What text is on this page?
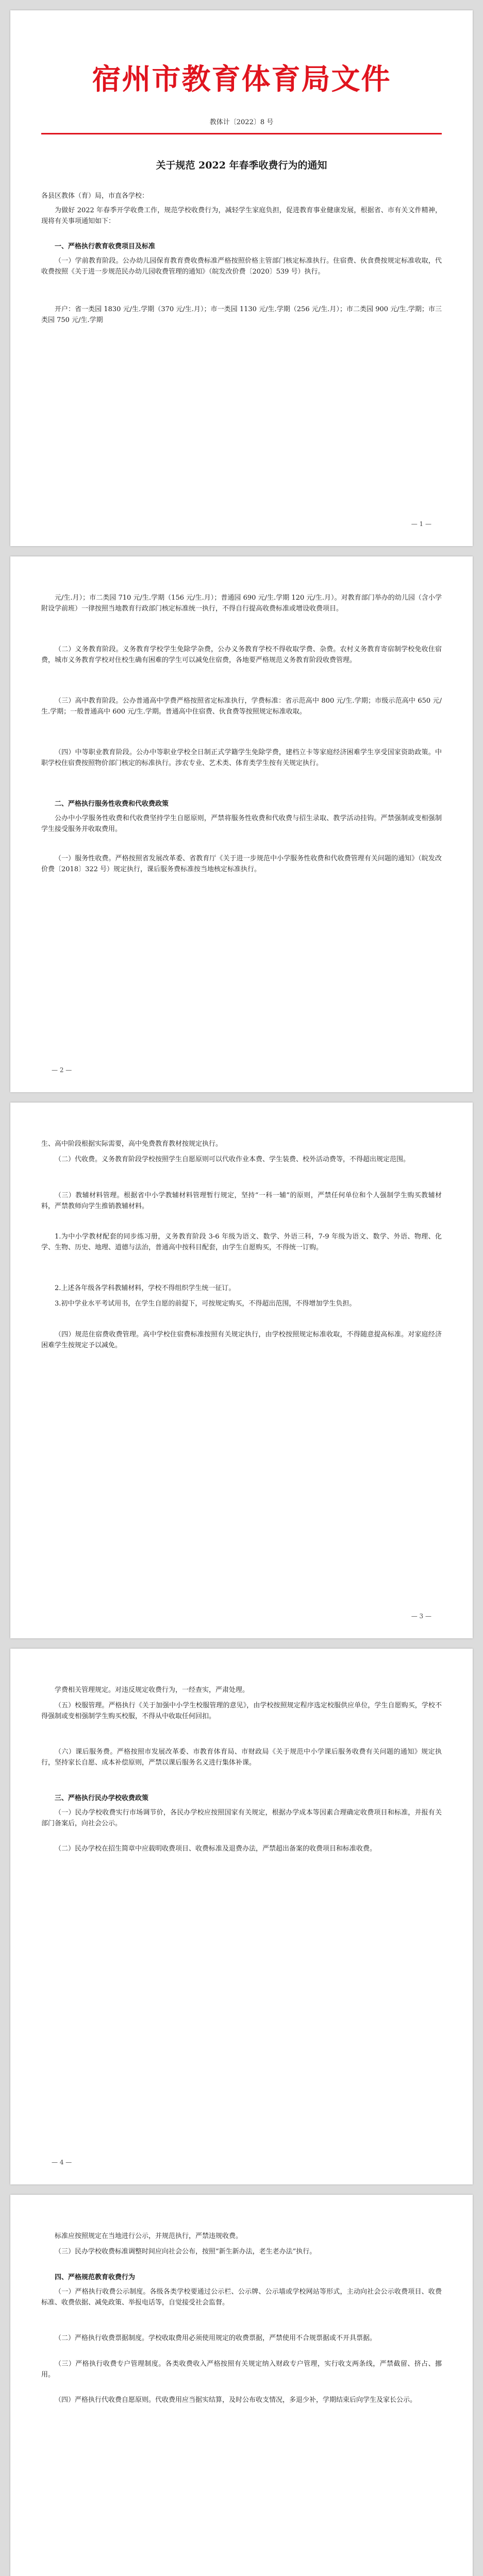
宿州市教育体育局文件
教体计〔2022〕8 号
关于规范 2022 年春季收费行为的通知

各县区教体（育）局，市直各学校：

为做好 2022 年春季开学收费工作，规范学校收费行为，减轻学生家庭负担，促进教育事业健康发展，根据省、市有关文件精神，现将有关事项通知如下：

一、严格执行教育收费项目及标准

（一）学前教育阶段。公办幼儿园保育教育费收费标准严格按照价格主管部门核定标准执行。住宿费、伙食费按规定标准收取，代收费按照《关于进一步规范民办幼儿园收费管理的通知》（皖发改价费〔2020〕539 号）执行。

开户：省一类园 1830 元/生.学期（370 元/生.月）；市一类园 1130 元/生.学期（256 元/生.月）；市二类园 900 元/生.学期；市三类园 750 元/生.学期

— 1 —

元/生.月）；市二类园 710 元/生.学期（156 元/生.月）；普通园 690 元/生.学期 120 元/生.月）。对教育部门举办的幼儿园（含小学附设学前班）一律按照当地教育行政部门核定标准统一执行，不得自行提高收费标准或增设收费项目。

（二）义务教育阶段。义务教育学校学生免除学杂费，公办义务教育学校不得收取学费、杂费。农村义务教育寄宿制学校免收住宿费，城市义务教育学校对住校生确有困难的学生可以减免住宿费，各地要严格规范义务教育阶段收费管理。

（三）高中教育阶段。公办普通高中学费严格按照省定标准执行，学费标准：省示范高中 800 元/生.学期；市级示范高中 650 元/生.学期；一般普通高中 600 元/生.学期。普通高中住宿费、伙食费等按照规定标准收取。

（四）中等职业教育阶段。公办中等职业学校全日制正式学籍学生免除学费，建档立卡等家庭经济困难学生享受国家资助政策。中职学校住宿费按照物价部门核定的标准执行。涉农专业、艺术类、体育类学生按有关规定执行。

二、严格执行服务性收费和代收费政策

公办中小学服务性收费和代收费坚持学生自愿原则，严禁将服务性收费和代收费与招生录取、教学活动挂钩。严禁强制或变相强制学生接受服务并收取费用。

（一）服务性收费。严格按照省发展改革委、省教育厅《关于进一步规范中小学服务性收费和代收费管理有关问题的通知》（皖发改价费〔2018〕322 号）规定执行，课后服务费标准按当地核定标准执行。

— 2 —

生、高中阶段根据实际需要，高中免费教育教材按规定执行。

（二）代收费。义务教育阶段学校按照学生自愿原则可以代收作业本费、学生装费、校外活动费等，不得超出规定范围。

（三）教辅材料管理。根据省中小学教辅材料管理暂行规定，坚持“一科一辅”的原则，严禁任何单位和个人强制学生购买教辅材料，严禁教师向学生推销教辅材料。

1.为中小学教材配套的同步练习册，义务教育阶段 3-6 年级为语文、数学、外语三科，7-9 年级为语文、数学、外语、物理、化学、生物、历史、地理、道德与法治，普通高中按科目配套，由学生自愿购买，不得统一订购。

2.上述各年级各学科教辅材料，学校不得组织学生统一征订。

3.初中学业水平考试用书，在学生自愿的前提下，可按规定购买，不得超出范围，不得增加学生负担。

（四）规范住宿费收费管理。高中学校住宿费标准按照有关规定执行，由学校按照规定标准收取，不得随意提高标准。对家庭经济困难学生按规定予以减免。

— 3 —

学费相关管理规定。对违反规定收费行为，一经查实，严肃处理。

（五）校服管理。严格执行《关于加强中小学生校服管理的意见》，由学校按照规定程序选定校服供应单位，学生自愿购买，学校不得强制或变相强制学生购买校服，不得从中收取任何回扣。

（六）课后服务费。严格按照市发展改革委、市教育体育局、市财政局《关于规范中小学课后服务收费有关问题的通知》规定执行，坚持家长自愿、成本补偿原则，严禁以课后服务名义进行集体补课。

三、严格执行民办学校收费政策

（一）民办学校收费实行市场调节价，各民办学校应按照国家有关规定，根据办学成本等因素合理确定收费项目和标准，并报有关部门备案后，向社会公示。

（二）民办学校在招生简章中应载明收费项目、收费标准及退费办法，严禁超出备案的收费项目和标准收费。

— 4 —

标准应按照规定在当地进行公示，并规范执行，严禁违规收费。

（三）民办学校收费标准调整时间应向社会公布，按照“新生新办法，老生老办法”执行。

四、严格规范教育收费行为

（一）严格执行收费公示制度。各级各类学校要通过公示栏、公示牌、公示墙或学校网站等形式，主动向社会公示收费项目、收费标准、收费依据、减免政策、举报电话等，自觉接受社会监督。

（二）严格执行收费票据制度。学校收取费用必须使用规定的收费票据，严禁使用不合规票据或不开具票据。

（三）严格执行收费专户管理制度。各类收费收入严格按照有关规定纳入财政专户管理，实行收支两条线，严禁截留、挤占、挪用。

（四）严格执行代收费自愿原则。代收费用应当据实结算，及时公布收支情况，多退少补，学期结束后向学生及家长公示。
